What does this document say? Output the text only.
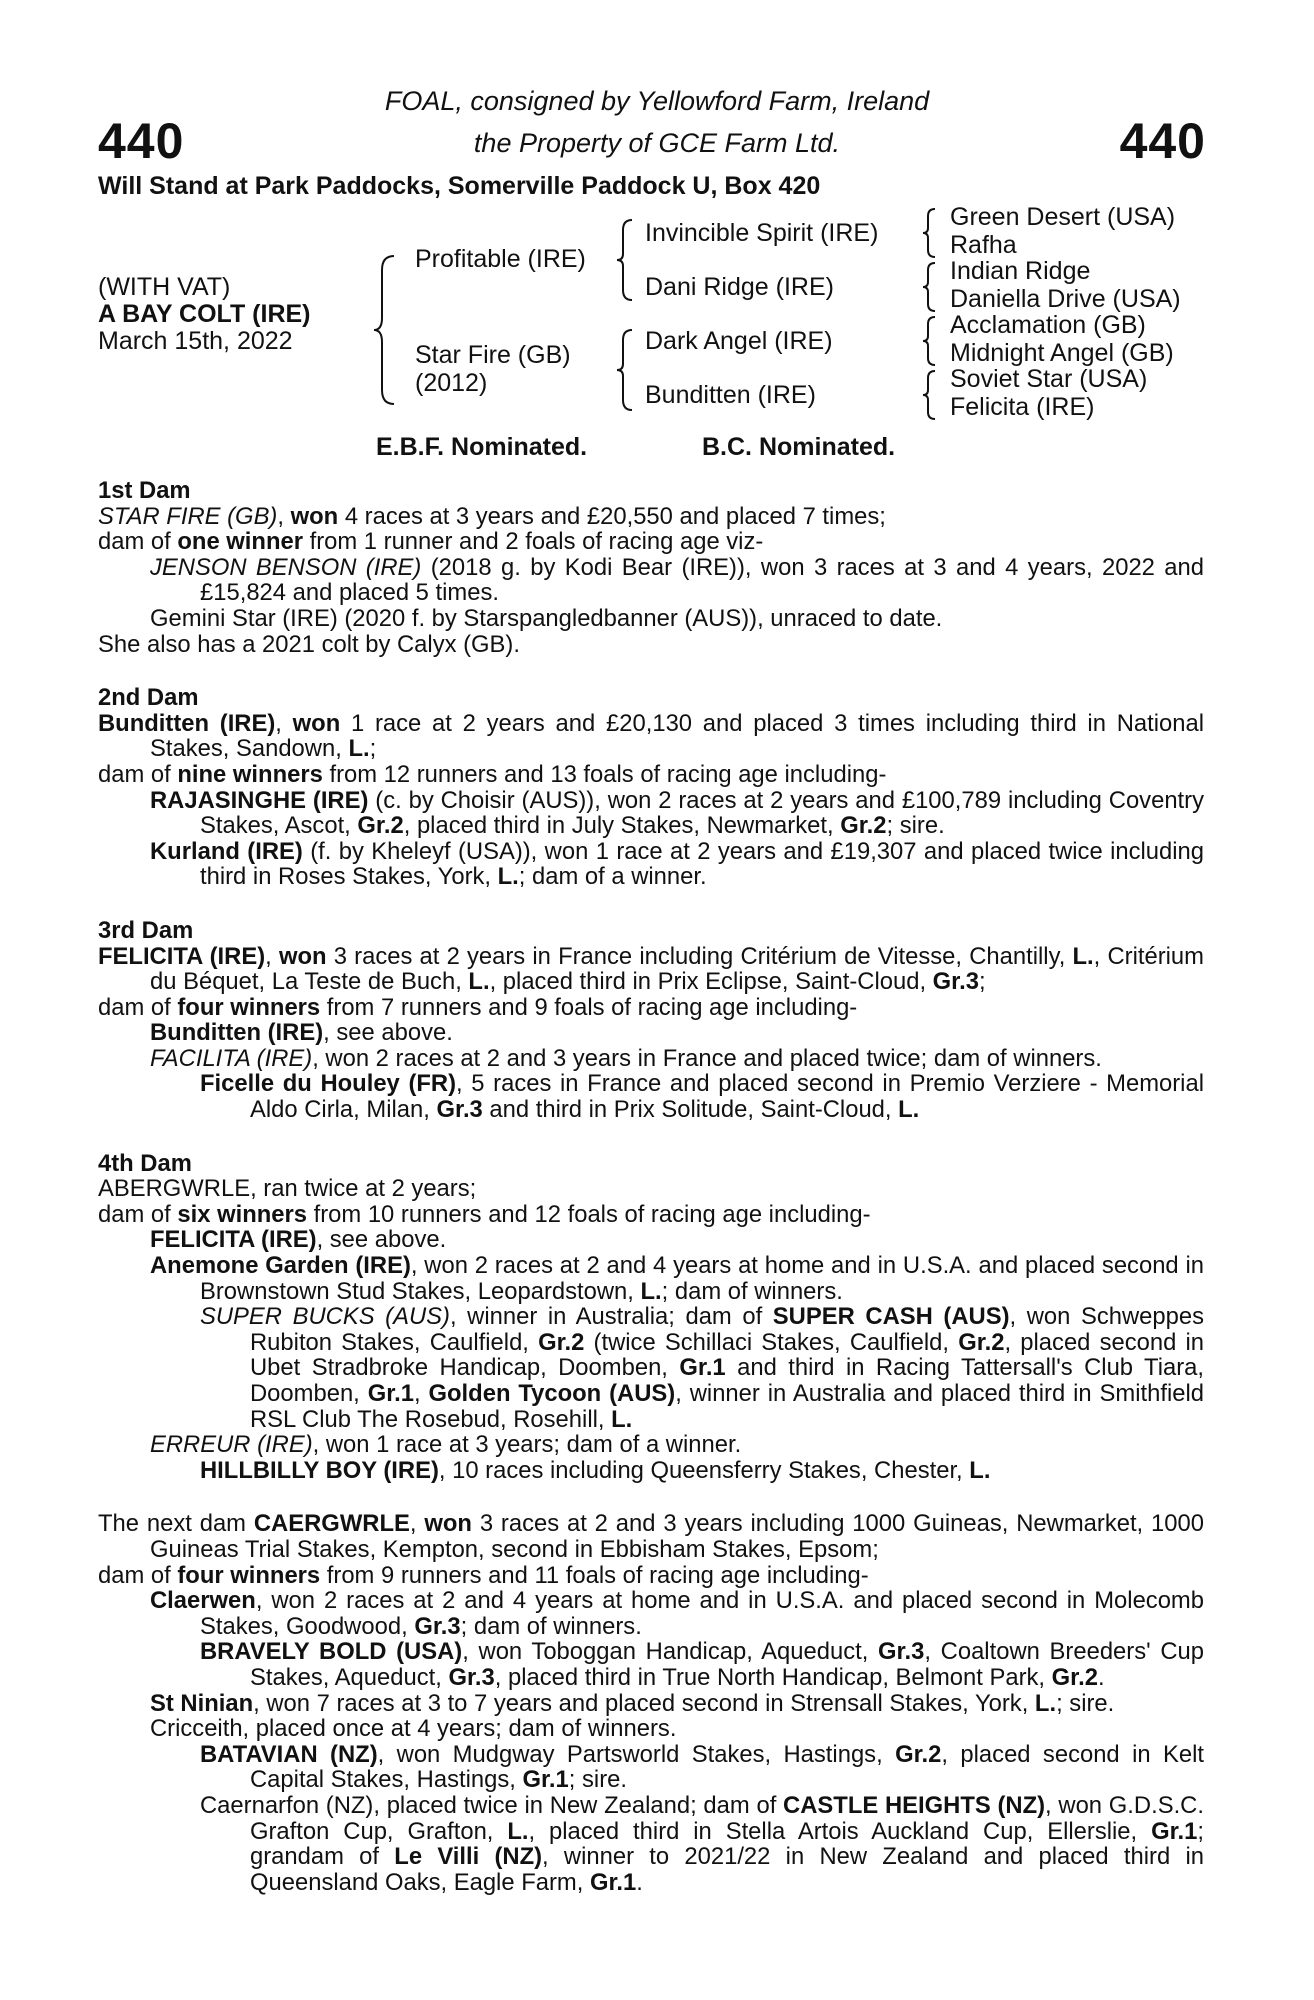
440	440
FOAL, consigned by Yellowford Farm, Ireland
the Property of GCE Farm Ltd.
Will Stand at Park Paddocks, Somerville Paddock U, Box 420
(WITH VAT)
A BAY COLT (IRE)
March 15th, 2022
Profitable (IRE)
Star Fire (GB)
(2012)
Invincible Spirit (IRE)
Dani Ridge (IRE)
Dark Angel (IRE)
Bunditten (IRE)
Green Desert (USA)
Rafha
Indian Ridge
Daniella Drive (USA)
Acclamation (GB)
Midnight Angel (GB)
Soviet Star (USA)
Felicita (IRE)
E.B.F. Nominated.	B.C. Nominated.

1st Dam

STAR FIRE (GB), won 4 races at 3 years and £20,550 and placed 7 times;

dam of one winner from 1 runner and 2 foals of racing age viz-

JENSON BENSON (IRE) (2018 g. by Kodi Bear (IRE)), won 3 races at 3 and 4 years, 2022 and £15,824 and placed 5 times.

Gemini Star (IRE) (2020 f. by Starspangledbanner (AUS)), unraced to date.

She also has a 2021 colt by Calyx (GB).

2nd Dam

Bunditten (IRE), won 1 race at 2 years and £20,130 and placed 3 times including third in National Stakes, Sandown, L.;

dam of nine winners from 12 runners and 13 foals of racing age including-

RAJASINGHE (IRE) (c. by Choisir (AUS)), won 2 races at 2 years and £100,789 including Coventry Stakes, Ascot, Gr.2, placed third in July Stakes, Newmarket, Gr.2; sire.

Kurland (IRE) (f. by Kheleyf (USA)), won 1 race at 2 years and £19,307 and placed twice including third in Roses Stakes, York, L.; dam of a winner.

3rd Dam

FELICITA (IRE), won 3 races at 2 years in France including Critérium de Vitesse, Chantilly, L., Critérium du Béquet, La Teste de Buch, L., placed third in Prix Eclipse, Saint-Cloud, Gr.3;

dam of four winners from 7 runners and 9 foals of racing age including-

Bunditten (IRE), see above.

FACILITA (IRE), won 2 races at 2 and 3 years in France and placed twice; dam of winners.

Ficelle du Houley (FR), 5 races in France and placed second in Premio Verziere - Memorial Aldo Cirla, Milan, Gr.3 and third in Prix Solitude, Saint-Cloud, L.

4th Dam

ABERGWRLE, ran twice at 2 years;

dam of six winners from 10 runners and 12 foals of racing age including-

FELICITA (IRE), see above.

Anemone Garden (IRE), won 2 races at 2 and 4 years at home and in U.S.A. and placed second in Brownstown Stud Stakes, Leopardstown, L.; dam of winners.

SUPER BUCKS (AUS), winner in Australia; dam of SUPER CASH (AUS), won Schweppes Rubiton Stakes, Caulfield, Gr.2 (twice Schillaci Stakes, Caulfield, Gr.2, placed second in Ubet Stradbroke Handicap, Doomben, Gr.1 and third in Racing Tattersall's Club Tiara, Doomben, Gr.1, Golden Tycoon (AUS), winner in Australia and placed third in Smithfield RSL Club The Rosebud, Rosehill, L.

ERREUR (IRE), won 1 race at 3 years; dam of a winner.

HILLBILLY BOY (IRE), 10 races including Queensferry Stakes, Chester, L.

The next dam CAERGWRLE, won 3 races at 2 and 3 years including 1000 Guineas, Newmarket, 1000 Guineas Trial Stakes, Kempton, second in Ebbisham Stakes, Epsom;

dam of four winners from 9 runners and 11 foals of racing age including-

Claerwen, won 2 races at 2 and 4 years at home and in U.S.A. and placed second in Molecomb Stakes, Goodwood, Gr.3; dam of winners.

BRAVELY BOLD (USA), won Toboggan Handicap, Aqueduct, Gr.3, Coaltown Breeders' Cup Stakes, Aqueduct, Gr.3, placed third in True North Handicap, Belmont Park, Gr.2.

St Ninian, won 7 races at 3 to 7 years and placed second in Strensall Stakes, York, L.; sire.

Cricceith, placed once at 4 years; dam of winners.

BATAVIAN (NZ), won Mudgway Partsworld Stakes, Hastings, Gr.2, placed second in Kelt Capital Stakes, Hastings, Gr.1; sire.

Caernarfon (NZ), placed twice in New Zealand; dam of CASTLE HEIGHTS (NZ), won G.D.S.C. Grafton Cup, Grafton, L., placed third in Stella Artois Auckland Cup, Ellerslie, Gr.1; grandam of Le Villi (NZ), winner to 2021/22 in New Zealand and placed third in Queensland Oaks, Eagle Farm, Gr.1.
